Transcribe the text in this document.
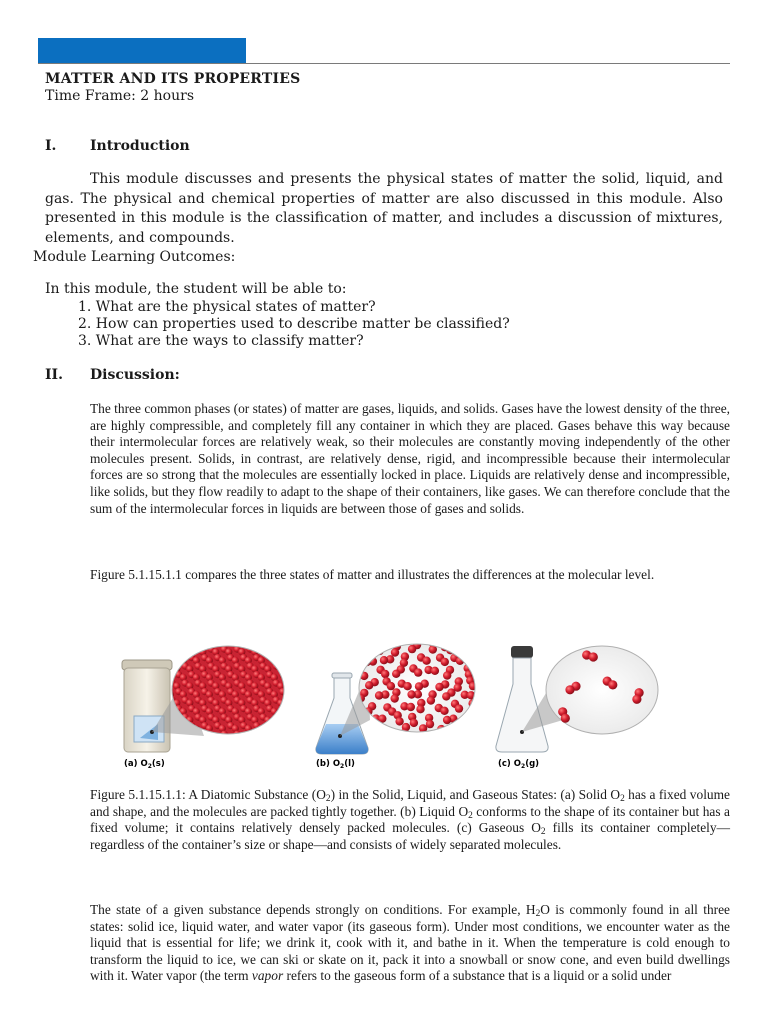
MATTER AND ITS PROPERTIES
Time Frame: 2 hours
I. Introduction
This module discusses and presents the physical states of matter the solid, liquid, and gas. The physical and chemical properties of matter are also discussed in this module. Also presented in this module is the classification of matter, and includes a discussion of mixtures, elements, and compounds.
Module Learning Outcomes:
In this module, the student will be able to:
1. What are the physical states of matter?
2. How can properties used to describe matter be classified?
3. What are the ways to classify matter?
II. Discussion:
The three common phases (or states) of matter are gases, liquids, and solids. Gases have the lowest density of the three, are highly compressible, and completely fill any container in which they are placed. Gases behave this way because their intermolecular forces are relatively weak, so their molecules are constantly moving independently of the other molecules present. Solids, in contrast, are relatively dense, rigid, and incompressible because their intermolecular forces are so strong that the molecules are essentially locked in place. Liquids are relatively dense and incompressible, like solids, but they flow readily to adapt to the shape of their containers, like gases. We can therefore conclude that the sum of the intermolecular forces in liquids are between those of gases and solids.
Figure 5.1.15.1.1 compares the three states of matter and illustrates the differences at the molecular level.
(a) $O_2(s)$	(b) $O_2(l)$	(c) $O_2(g)$
Figure 5.1.15.1.1: A Diatomic Substance $(O_2)$ in the Solid, Liquid, and Gaseous States: (a) Solid $O_2$ has a fixed volume and shape, and the molecules are packed tightly together. (b) Liquid $O_2$ conforms to the shape of its container but has a fixed volume; it contains relatively densely packed molecules. (c) Gaseous $O_2$ fills its container completely—regardless of the container’s size or shape—and consists of widely separated molecules.
The state of a given substance depends strongly on conditions. For example, $H_2O$ is commonly found in all three states: solid ice, liquid water, and water vapor (its gaseous form). Under most conditions, we encounter water as the liquid that is essential for life; we drink it, cook with it, and bathe in it. When the temperature is cold enough to transform the liquid to ice, we can ski or skate on it, pack it into a snowball or snow cone, and even build dwellings with it. Water vapor (the term vapor refers to the gaseous form of a substance that is a liquid or a solid under
